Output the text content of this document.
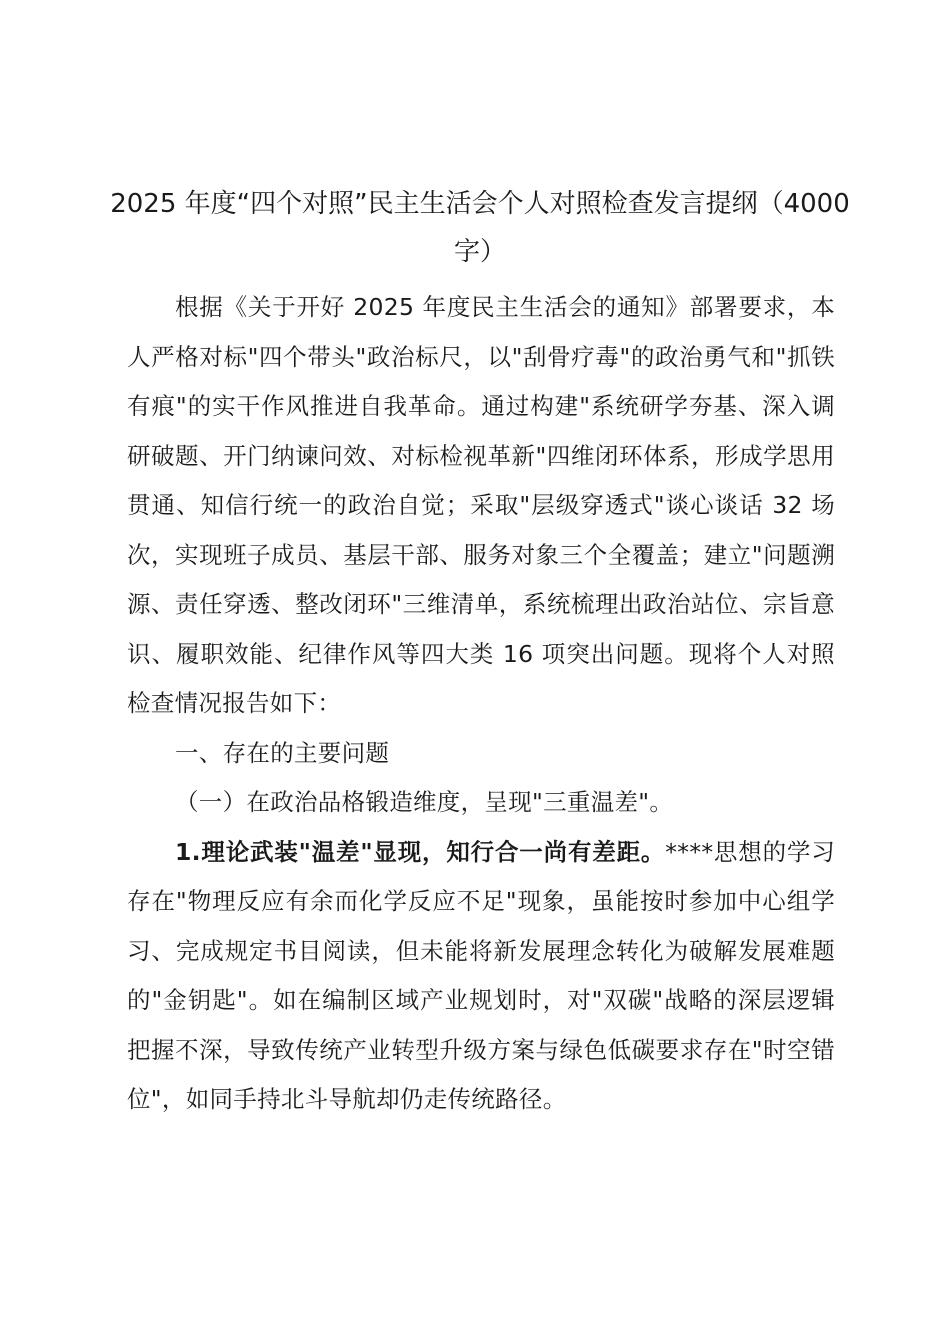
2025 年度“四个对照”民主生活会个人对照检查发言提纲（4000 字）

根据《关于开好 2025 年度民主生活会的通知》部署要求，本人严格对标"四个带头"政治标尺，以"刮骨疗毒"的政治勇气和"抓铁有痕"的实干作风推进自我革命。通过构建"系统研学夯基、深入调研破题、开门纳谏问效、对标检视革新"四维闭环体系，形成学思用贯通、知信行统一的政治自觉；采取"层级穿透式"谈心谈话 32 场次，实现班子成员、基层干部、服务对象三个全覆盖；建立"问题溯源、责任穿透、整改闭环"三维清单，系统梳理出政治站位、宗旨意识、履职效能、纪律作风等四大类 16 项突出问题。现将个人对照检查情况报告如下：

一、存在的主要问题

（一）在政治品格锻造维度，呈现"三重温差"。

1.理论武装"温差"显现，知行合一尚有差距。****思想的学习存在"物理反应有余而化学反应不足"现象，虽能按时参加中心组学习、完成规定书目阅读，但未能将新发展理念转化为破解发展难题的"金钥匙"。如在编制区域产业规划时，对"双碳"战略的深层逻辑把握不深，导致传统产业转型升级方案与绿色低碳要求存在"时空错位"，如同手持北斗导航却仍走传统路径。
